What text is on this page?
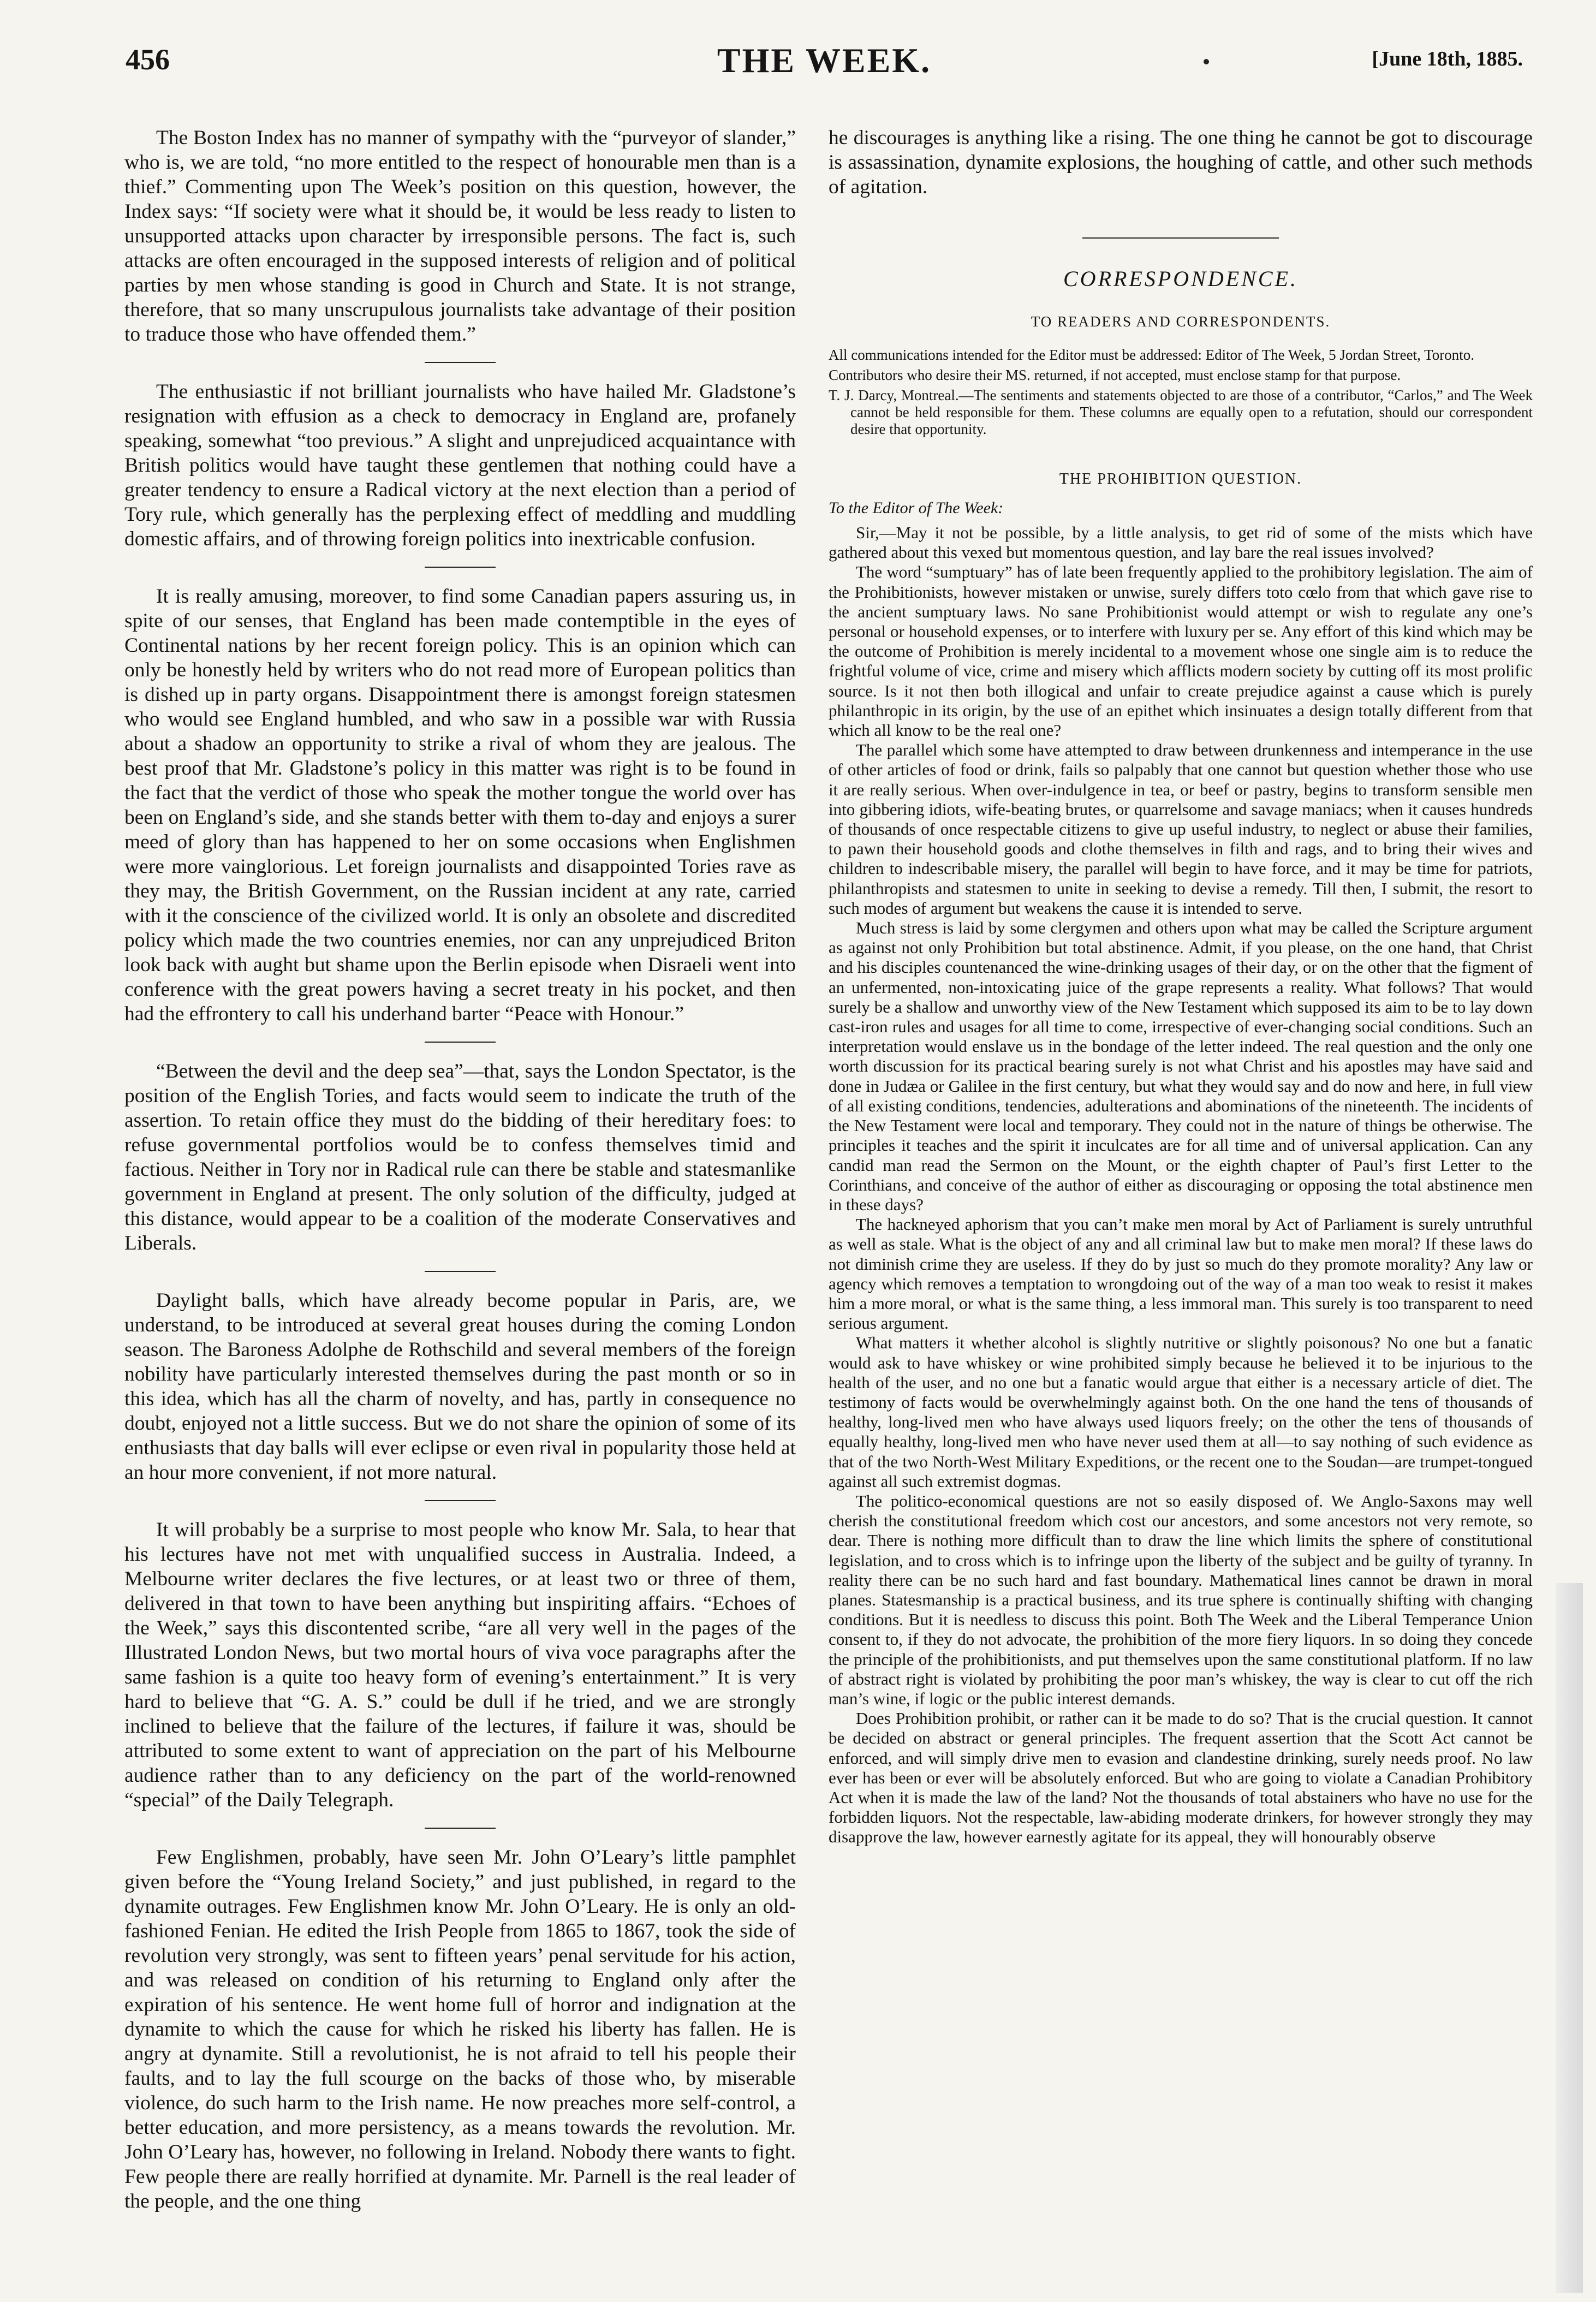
456	THE WEEK.	[June 18th, 1885.

The Boston Index has no manner of sympathy with the “purveyor of slander,” who is, we are told, “no more entitled to the respect of honourable men than is a thief.” Commenting upon The Week’s position on this question, however, the Index says: “If society were what it should be, it would be less ready to listen to unsupported attacks upon character by irresponsible persons. The fact is, such attacks are often encouraged in the supposed interests of religion and of political parties by men whose standing is good in Church and State. It is not strange, therefore, that so many unscrupulous journalists take advantage of their position to traduce those who have offended them.”

The enthusiastic if not brilliant journalists who have hailed Mr. Gladstone’s resignation with effusion as a check to democracy in England are, profanely speaking, somewhat “too previous.” A slight and unprejudiced acquaintance with British politics would have taught these gentlemen that nothing could have a greater tendency to ensure a Radical victory at the next election than a period of Tory rule, which generally has the perplexing effect of meddling and muddling domestic affairs, and of throwing foreign politics into inextricable confusion.

It is really amusing, moreover, to find some Canadian papers assuring us, in spite of our senses, that England has been made contemptible in the eyes of Continental nations by her recent foreign policy. This is an opinion which can only be honestly held by writers who do not read more of European politics than is dished up in party organs. Disappointment there is amongst foreign statesmen who would see England humbled, and who saw in a possible war with Russia about a shadow an opportunity to strike a rival of whom they are jealous. The best proof that Mr. Gladstone’s policy in this matter was right is to be found in the fact that the verdict of those who speak the mother tongue the world over has been on England’s side, and she stands better with them to-day and enjoys a surer meed of glory than has happened to her on some occasions when Englishmen were more vainglorious. Let foreign journalists and disappointed Tories rave as they may, the British Government, on the Russian incident at any rate, carried with it the conscience of the civilized world. It is only an obsolete and discredited policy which made the two countries enemies, nor can any unprejudiced Briton look back with aught but shame upon the Berlin episode when Disraeli went into conference with the great powers having a secret treaty in his pocket, and then had the effrontery to call his underhand barter “Peace with Honour.”

“Between the devil and the deep sea”—that, says the London Spectator, is the position of the English Tories, and facts would seem to indicate the truth of the assertion. To retain office they must do the bidding of their hereditary foes: to refuse governmental portfolios would be to confess themselves timid and factious. Neither in Tory nor in Radical rule can there be stable and statesmanlike government in England at present. The only solution of the difficulty, judged at this distance, would appear to be a coalition of the moderate Conservatives and Liberals.

Daylight balls, which have already become popular in Paris, are, we understand, to be introduced at several great houses during the coming London season. The Baroness Adolphe de Rothschild and several members of the foreign nobility have particularly interested themselves during the past month or so in this idea, which has all the charm of novelty, and has, partly in consequence no doubt, enjoyed not a little success. But we do not share the opinion of some of its enthusiasts that day balls will ever eclipse or even rival in popularity those held at an hour more convenient, if not more natural.

It will probably be a surprise to most people who know Mr. Sala, to hear that his lectures have not met with unqualified success in Australia. Indeed, a Melbourne writer declares the five lectures, or at least two or three of them, delivered in that town to have been anything but inspiriting affairs. “Echoes of the Week,” says this discontented scribe, “are all very well in the pages of the Illustrated London News, but two mortal hours of viva voce paragraphs after the same fashion is a quite too heavy form of evening’s entertainment.” It is very hard to believe that “G. A. S.” could be dull if he tried, and we are strongly inclined to believe that the failure of the lectures, if failure it was, should be attributed to some extent to want of appreciation on the part of his Melbourne audience rather than to any deficiency on the part of the world-renowned “special” of the Daily Telegraph.

Few Englishmen, probably, have seen Mr. John O’Leary’s little pamphlet given before the “Young Ireland Society,” and just published, in regard to the dynamite outrages. Few Englishmen know Mr. John O’Leary. He is only an old-fashioned Fenian. He edited the Irish People from 1865 to 1867, took the side of revolution very strongly, was sent to fifteen years’ penal servitude for his action, and was released on condition of his returning to England only after the expiration of his sentence. He went home full of horror and indignation at the dynamite to which the cause for which he risked his liberty has fallen. He is angry at dynamite. Still a revolutionist, he is not afraid to tell his people their faults, and to lay the full scourge on the backs of those who, by miserable violence, do such harm to the Irish name. He now preaches more self-control, a better education, and more persistency, as a means towards the revolution. Mr. John O’Leary has, however, no following in Ireland. Nobody there wants to fight. Few people there are really horrified at dynamite. Mr. Parnell is the real leader of the people, and the one thing

he discourages is anything like a rising. The one thing he cannot be got to discourage is assassination, dynamite explosions, the houghing of cattle, and other such methods of agitation.

CORRESPONDENCE.
TO READERS AND CORRESPONDENTS.

All communications intended for the Editor must be addressed: Editor of The Week, 5 Jordan Street, Toronto.

Contributors who desire their MS. returned, if not accepted, must enclose stamp for that purpose.

T. J. Darcy, Montreal.—The sentiments and statements objected to are those of a contributor, “Carlos,” and The Week cannot be held responsible for them. These columns are equally open to a refutation, should our correspondent desire that opportunity.

THE PROHIBITION QUESTION.

To the Editor of The Week:

Sir,—May it not be possible, by a little analysis, to get rid of some of the mists which have gathered about this vexed but momentous question, and lay bare the real issues involved?

The word “sumptuary” has of late been frequently applied to the prohibitory legislation. The aim of the Prohibitionists, however mistaken or unwise, surely differs toto cœlo from that which gave rise to the ancient sumptuary laws. No sane Prohibitionist would attempt or wish to regulate any one’s personal or household expenses, or to interfere with luxury per se. Any effort of this kind which may be the outcome of Prohibition is merely incidental to a movement whose one single aim is to reduce the frightful volume of vice, crime and misery which afflicts modern society by cutting off its most prolific source. Is it not then both illogical and unfair to create prejudice against a cause which is purely philanthropic in its origin, by the use of an epithet which insinuates a design totally different from that which all know to be the real one?

The parallel which some have attempted to draw between drunkenness and intemperance in the use of other articles of food or drink, fails so palpably that one cannot but question whether those who use it are really serious. When over-indulgence in tea, or beef or pastry, begins to transform sensible men into gibbering idiots, wife-beating brutes, or quarrelsome and savage maniacs; when it causes hundreds of thousands of once respectable citizens to give up useful industry, to neglect or abuse their families, to pawn their household goods and clothe themselves in filth and rags, and to bring their wives and children to indescribable misery, the parallel will begin to have force, and it may be time for patriots, philanthropists and statesmen to unite in seeking to devise a remedy. Till then, I submit, the resort to such modes of argument but weakens the cause it is intended to serve.

Much stress is laid by some clergymen and others upon what may be called the Scripture argument as against not only Prohibition but total abstinence. Admit, if you please, on the one hand, that Christ and his disciples countenanced the wine-drinking usages of their day, or on the other that the figment of an unfermented, non-intoxicating juice of the grape represents a reality. What follows? That would surely be a shallow and unworthy view of the New Testament which supposed its aim to be to lay down cast-iron rules and usages for all time to come, irrespective of ever-changing social conditions. Such an interpretation would enslave us in the bondage of the letter indeed. The real question and the only one worth discussion for its practical bearing surely is not what Christ and his apostles may have said and done in Judæa or Galilee in the first century, but what they would say and do now and here, in full view of all existing conditions, tendencies, adulterations and abominations of the nineteenth. The incidents of the New Testament were local and temporary. They could not in the nature of things be otherwise. The principles it teaches and the spirit it inculcates are for all time and of universal application. Can any candid man read the Sermon on the Mount, or the eighth chapter of Paul’s first Letter to the Corinthians, and conceive of the author of either as discouraging or opposing the total abstinence men in these days?

The hackneyed aphorism that you can’t make men moral by Act of Parliament is surely untruthful as well as stale. What is the object of any and all criminal law but to make men moral? If these laws do not diminish crime they are useless. If they do by just so much do they promote morality? Any law or agency which removes a temptation to wrongdoing out of the way of a man too weak to resist it makes him a more moral, or what is the same thing, a less immoral man. This surely is too transparent to need serious argument.

What matters it whether alcohol is slightly nutritive or slightly poisonous? No one but a fanatic would ask to have whiskey or wine prohibited simply because he believed it to be injurious to the health of the user, and no one but a fanatic would argue that either is a necessary article of diet. The testimony of facts would be overwhelmingly against both. On the one hand the tens of thousands of healthy, long-lived men who have always used liquors freely; on the other the tens of thousands of equally healthy, long-lived men who have never used them at all—to say nothing of such evidence as that of the two North-West Military Expeditions, or the recent one to the Soudan—are trumpet-tongued against all such extremist dogmas.

The politico-economical questions are not so easily disposed of. We Anglo-Saxons may well cherish the constitutional freedom which cost our ancestors, and some ancestors not very remote, so dear. There is nothing more difficult than to draw the line which limits the sphere of constitutional legislation, and to cross which is to infringe upon the liberty of the subject and be guilty of tyranny. In reality there can be no such hard and fast boundary. Mathematical lines cannot be drawn in moral planes. Statesmanship is a practical business, and its true sphere is continually shifting with changing conditions. But it is needless to discuss this point. Both The Week and the Liberal Temperance Union consent to, if they do not advocate, the prohibition of the more fiery liquors. In so doing they concede the principle of the prohibitionists, and put themselves upon the same constitutional platform. If no law of abstract right is violated by prohibiting the poor man’s whiskey, the way is clear to cut off the rich man’s wine, if logic or the public interest demands.

Does Prohibition prohibit, or rather can it be made to do so? That is the crucial question. It cannot be decided on abstract or general principles. The frequent assertion that the Scott Act cannot be enforced, and will simply drive men to evasion and clandestine drinking, surely needs proof. No law ever has been or ever will be absolutely enforced. But who are going to violate a Canadian Prohibitory Act when it is made the law of the land? Not the thousands of total abstainers who have no use for the forbidden liquors. Not the respectable, law-abiding moderate drinkers, for however strongly they may disapprove the law, however earnestly agitate for its appeal, they will honourably observe
